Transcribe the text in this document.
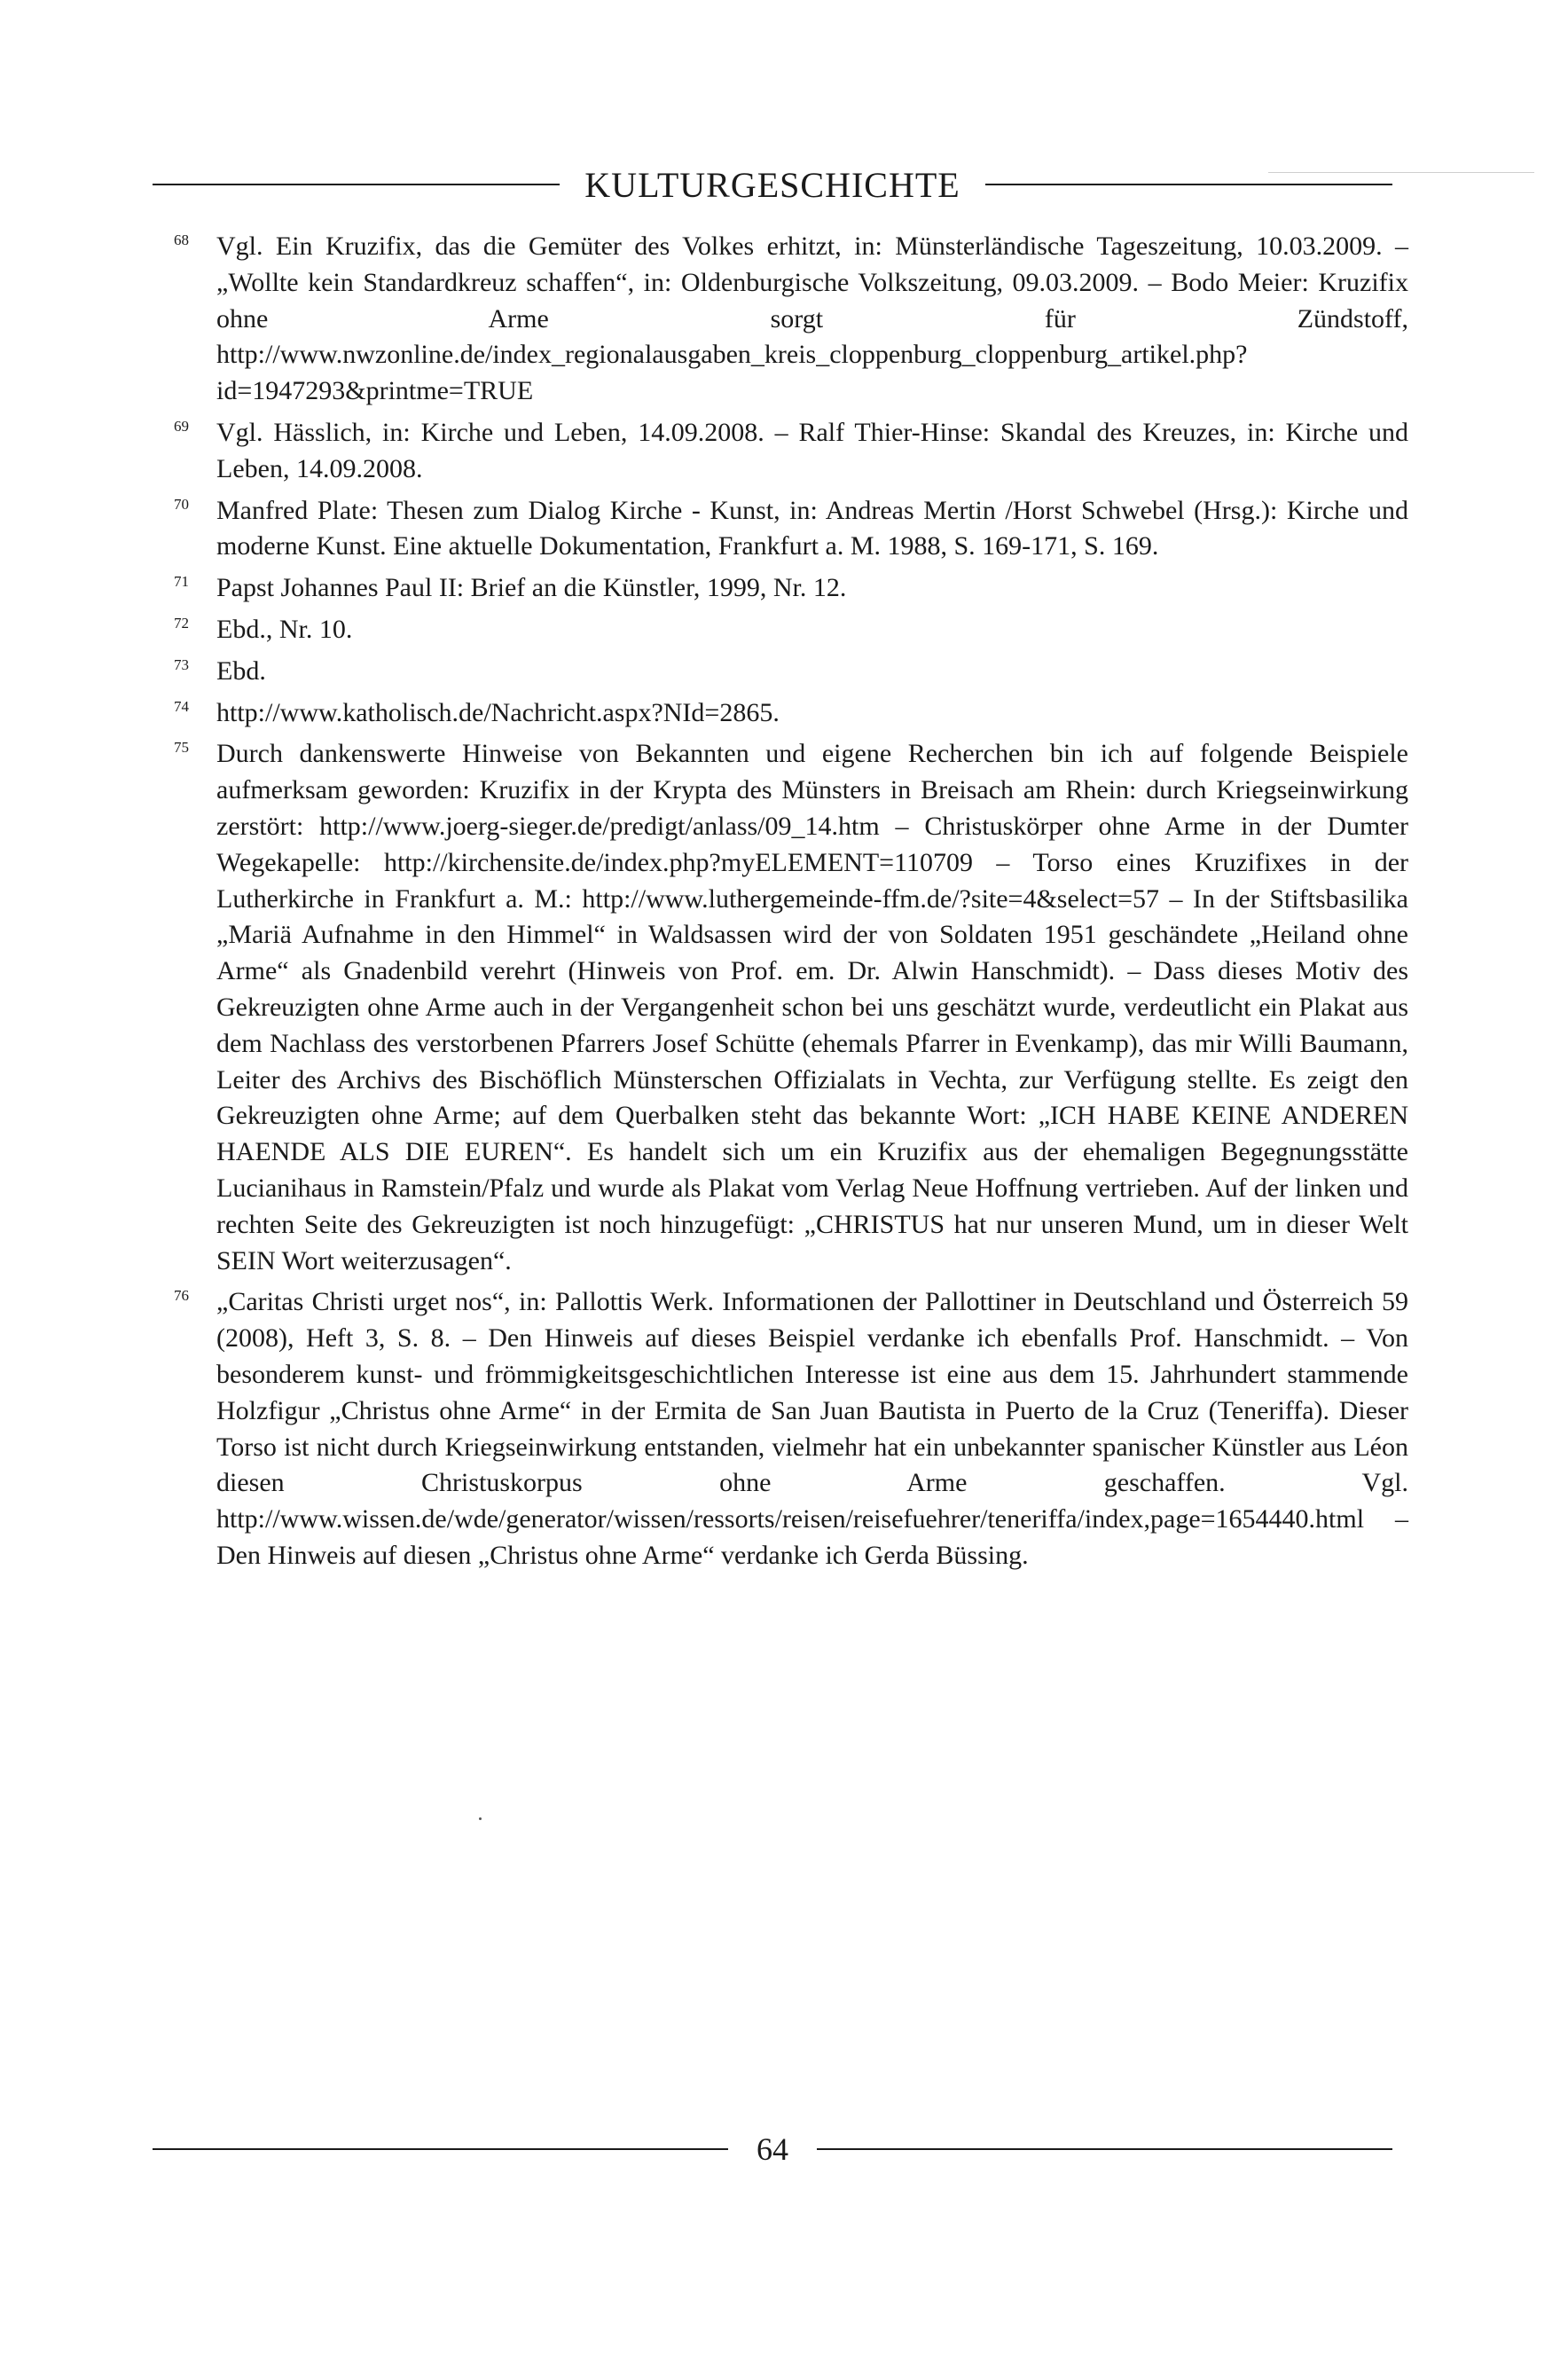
KULTURGESCHICHTE
68 Vgl. Ein Kruzifix, das die Gemüter des Volkes erhitzt, in: Münsterländische Tageszeitung, 10.03.2009. – „Wollte kein Standardkreuz schaffen“, in: Oldenburgische Volkszeitung, 09.03.2009. – Bodo Meier: Kruzifix ohne Arme sorgt für Zündstoff, http://www.nwzonline.de/index_regionalausgaben_kreis_cloppenburg_cloppenburg_artikel.php?id=1947293&printme=TRUE
69 Vgl. Hässlich, in: Kirche und Leben, 14.09.2008. – Ralf Thier-Hinse: Skandal des Kreuzes, in: Kirche und Leben, 14.09.2008.
70 Manfred Plate: Thesen zum Dialog Kirche - Kunst, in: Andreas Mertin /Horst Schwebel (Hrsg.): Kirche und moderne Kunst. Eine aktuelle Dokumentation, Frankfurt a. M. 1988, S. 169-171, S. 169.
71 Papst Johannes Paul II: Brief an die Künstler, 1999, Nr. 12.
72 Ebd., Nr. 10.
73 Ebd.
74 http://www.katholisch.de/Nachricht.aspx?NId=2865.
75 Durch dankenswerte Hinweise von Bekannten und eigene Recherchen bin ich auf folgende Beispiele aufmerksam geworden: Kruzifix in der Krypta des Münsters in Breisach am Rhein: durch Kriegseinwirkung zerstört: http://www.joerg-sieger.de/predigt/anlass/09_14.htm – Christuskörper ohne Arme in der Dumter Wegekapelle: http://kirchensite.de/index.php?myELEMENT=110709 – Torso eines Kruzifixes in der Lutherkirche in Frankfurt a. M.: http://www.luthergemeinde-ffm.de/?site=4&select=57 – In der Stiftsbasilika „Mariä Aufnahme in den Himmel“ in Waldsassen wird der von Soldaten 1951 geschändete „Heiland ohne Arme“ als Gnadenbild verehrt (Hinweis von Prof. em. Dr. Alwin Hanschmidt). – Dass dieses Motiv des Gekreuzigten ohne Arme auch in der Vergangenheit schon bei uns geschätzt wurde, verdeutlicht ein Plakat aus dem Nachlass des verstorbenen Pfarrers Josef Schütte (ehemals Pfarrer in Evenkamp), das mir Willi Baumann, Leiter des Archivs des Bischöflich Münsterschen Offizialats in Vechta, zur Verfügung stellte. Es zeigt den Gekreuzigten ohne Arme; auf dem Querbalken steht das bekannte Wort: „ICH HABE KEINE ANDEREN HAENDE ALS DIE EUREN“. Es handelt sich um ein Kruzifix aus der ehemaligen Begegnungsstätte Lucianihaus in Ramstein/Pfalz und wurde als Plakat vom Verlag Neue Hoffnung vertrieben. Auf der linken und rechten Seite des Gekreuzigten ist noch hinzugefügt: „CHRISTUS hat nur unseren Mund, um in dieser Welt SEIN Wort weiterzusagen“.
76 „Caritas Christi urget nos“, in: Pallottis Werk. Informationen der Pallottiner in Deutschland und Österreich 59 (2008), Heft 3, S. 8. – Den Hinweis auf dieses Beispiel verdanke ich ebenfalls Prof. Hanschmidt. – Von besonderem kunst- und frömmigkeitsgeschichtlichen Interesse ist eine aus dem 15. Jahrhundert stammende Holzfigur „Christus ohne Arme“ in der Ermita de San Juan Bautista in Puerto de la Cruz (Teneriffa). Dieser Torso ist nicht durch Kriegseinwirkung entstanden, vielmehr hat ein unbekannter spanischer Künstler aus Léon diesen Christuskorpus ohne Arme geschaffen. Vgl. http://www.wissen.de/wde/generator/wissen/ressorts/reisen/reisefuehrer/teneriffa/index,page=1654440.html – Den Hinweis auf diesen „Christus ohne Arme“ verdanke ich Gerda Büssing.
64
